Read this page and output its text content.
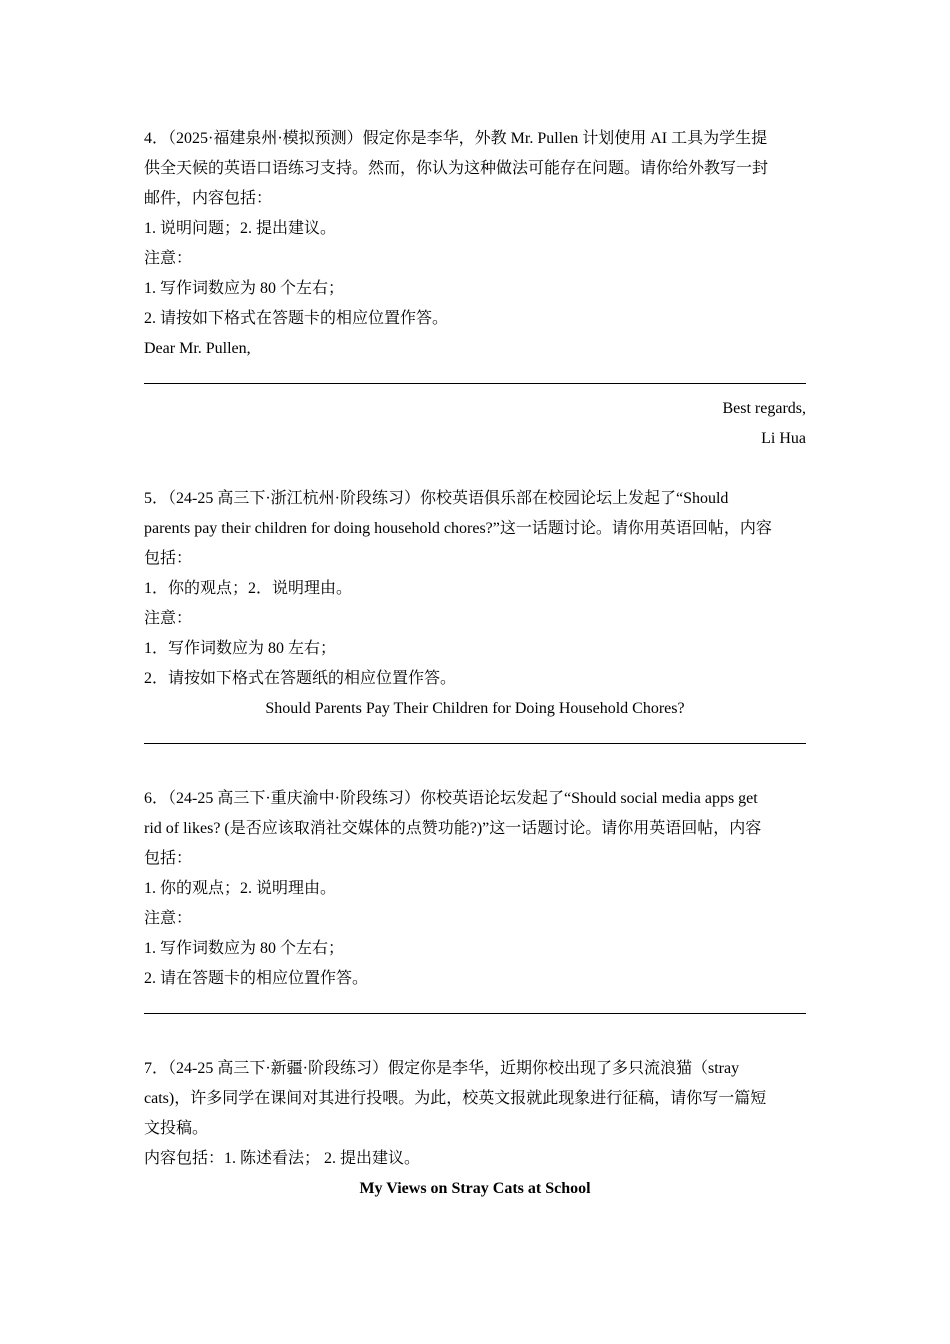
4．（2025·福建泉州·模拟预测）假定你是李华，外教 Mr. Pullen 计划使用 AI 工具为学生提
供全天候的英语口语练习支持。然而，你认为这种做法可能存在问题。请你给外教写一封
邮件，内容包括：
1. 说明问题；2. 提出建议。
注意：
1. 写作词数应为 80 个左右；
2. 请按如下格式在答题卡的相应位置作答。
Dear Mr. Pullen,
Best regards,
Li Hua
5．（24-25 高三下·浙江杭州·阶段练习）你校英语俱乐部在校园论坛上发起了“Should
parents pay their children for doing household chores?”这一话题讨论。请你用英语回帖，内容
包括：
1．你的观点；2．说明理由。
注意：
1．写作词数应为 80 左右；
2．请按如下格式在答题纸的相应位置作答。
Should Parents Pay Their Children for Doing Household Chores?
6．（24-25 高三下·重庆渝中·阶段练习）你校英语论坛发起了“Should social media apps get
rid of likes? (是否应该取消社交媒体的点赞功能?)”这一话题讨论。请你用英语回帖，内容
包括：
1. 你的观点；2. 说明理由。
注意：
1. 写作词数应为 80 个左右；
2. 请在答题卡的相应位置作答。
7．（24-25 高三下·新疆·阶段练习）假定你是李华，近期你校出现了多只流浪猫（stray
cats)，许多同学在课间对其进行投喂。为此，校英文报就此现象进行征稿，请你写一篇短
文投稿。
内容包括：1. 陈述看法； 2. 提出建议。
My Views on Stray Cats at School
